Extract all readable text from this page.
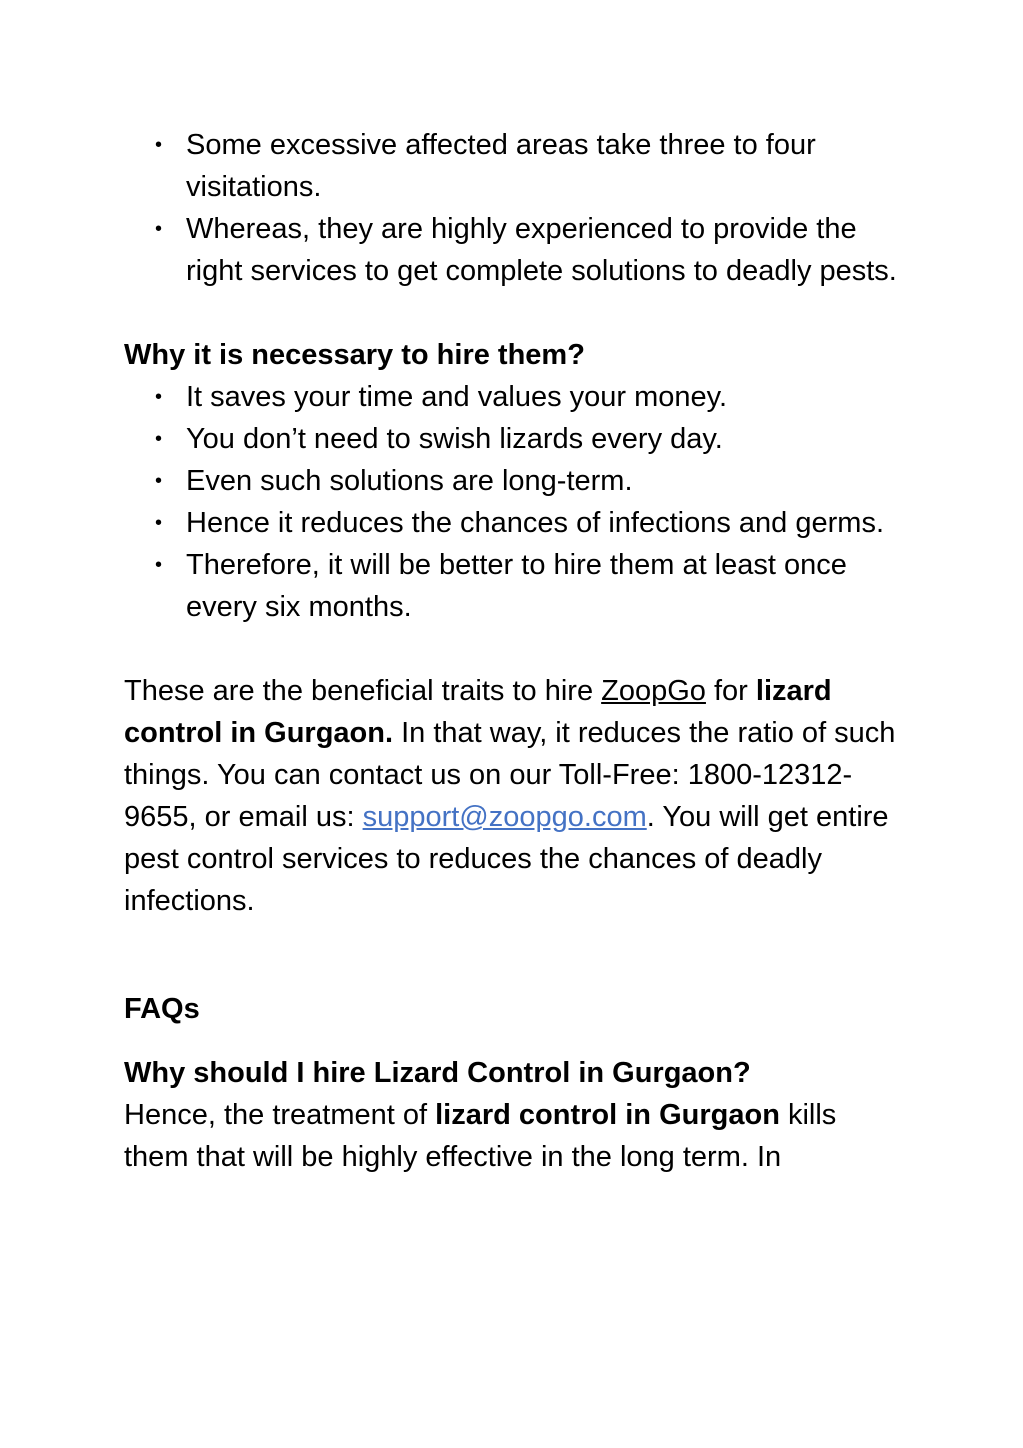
• Some excessive affected areas take three to four visitations.
• Whereas, they are highly experienced to provide the right services to get complete solutions to deadly pests.

Why it is necessary to hire them?

• It saves your time and values your money.
• You don’t need to swish lizards every day.
• Even such solutions are long-term.
• Hence it reduces the chances of infections and germs.
• Therefore, it will be better to hire them at least once every six months.

These are the beneficial traits to hire ZoopGo for lizard control in Gurgaon. In that way, it reduces the ratio of such things. You can contact us on our Toll-Free: 1800-12312-9655, or email us: support@zoopgo.com. You will get entire pest control services to reduces the chances of deadly infections.

FAQs

Why should I hire Lizard Control in Gurgaon?

Hence, the treatment of lizard control in Gurgaon kills them that will be highly effective in the long term. In
